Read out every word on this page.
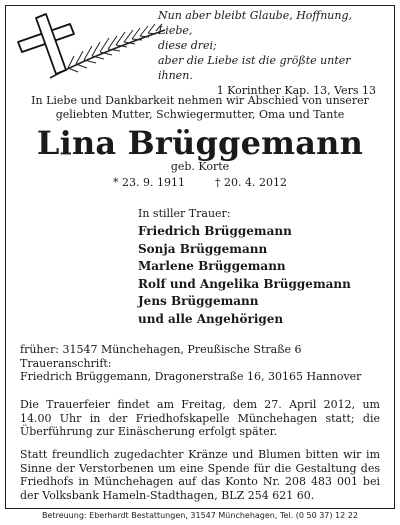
Nun aber bleibt Glaube, Hoffnung, Liebe,
diese drei;
aber die Liebe ist die größte unter ihnen.
1 Korinther Kap. 13, Vers 13
In Liebe und Dankbarkeit nehmen wir Abschied von unserer
geliebten Mutter, Schwiegermutter, Oma und Tante
Lina Brüggemann
geb. Korte
* 23. 9. 1911	† 20. 4. 2012
In stiller Trauer:
Friedrich Brüggemann
Sonja Brüggemann
Marlene Brüggemann
Rolf und Angelika Brüggemann
Jens Brüggemann
und alle Angehörigen
früher: 31547 Münchehagen, Preußische Straße 6
Traueranschrift:
Friedrich Brüggemann, Dragonerstraße 16, 30165 Hannover
Die Trauerfeier findet am Freitag, dem 27. April 2012, um 14.00 Uhr in der Friedhofskapelle Münchehagen statt; die Überführung zur Einäscherung erfolgt später.
Statt freundlich zugedachter Kränze und Blumen bitten wir im Sinne der Verstorbenen um eine Spende für die Gestaltung des Friedhofs in Münchehagen auf das Konto Nr. 208 483 001 bei der Volksbank Hameln-Stadthagen, BLZ 254 621 60.
Betreuung: Eberhardt Bestattungen, 31547 Münchehagen, Tel. (0 50 37) 12 22
